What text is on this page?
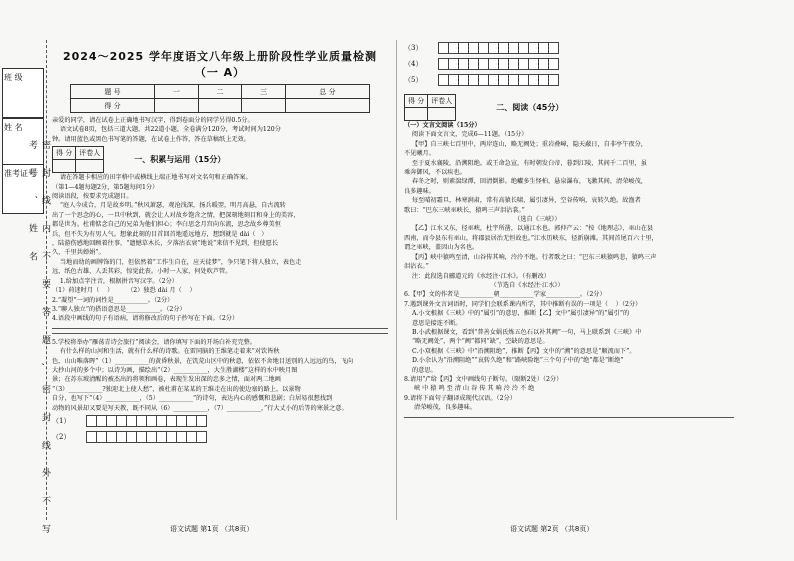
班 级
姓 名
准考证号 密 封 线 内 不 要 答 题 , 密 封 线 外 不 写 考 号 、 姓 名
2024～2025 学年度语文八年级上册阶段性学业质量检测（一 A）
题 号	一	二	三	总 分
得 分				

亲爱的同学，请在试卷上正确地书写汉字，得到卷面分的同学另得0.5分。
语文试卷8页，包括三道大题，共22道小题，全卷满分120分，考试时间为120分
钟。请用蓝色或黑色书写笔的答题，在试卷上作答，答在草稿纸上无效。

得 分	评卷人

一、积累与运用（15分）

请在答题卡相应的田字格中或横线上端正地书写对文名句和正确答案。
（第1—4题每题2分，第5题每问1分）
阅读语段，按要求完成题目。
“庭人今成合，月是故乡明。”秋风萧瑟，观沧浅深，扬兵暖翌，明月高悬，自古流转
出了一个思念的心，一旦中秋到，就会让人对故乡饱含之情，把深刻地刻目和身上的美容，
都是世为。杜甫惦念自己的兄弟为他们担心；李白思念月宫向东流，思念故乡尊美恒
兵，但不失为有男人气。想象此刻的目首回首地遥远地方，想到就是 dài（   ）
，陆游伤感地回顾着往事，“遗憾草木长，夕落沽衣衰”地说“来信不见到，但使愿长
久，千里共婵娟”。
当地而幼的画牌饰的门，但依然着“工作生自在，应天徒梦”，争只笔下将人独立，表色走
远，纸色古雄，人丢其彩，惊觉此丧。小时一人家，何处吹芦管。
1.给加点字注音，根据拼音写汉字。（2分）

（1）荷迷时月（    ）       （2）独恐 dài 月（    ）

2.“凝望”一词的词性是___________。（2分）

3.“聊人独立”的搭语意思是___________。（2分）

4.语段中画线的句子有语病，请将修改后的句子抄写在下面。（2分）

5.学校将举办“雁荡青诗会旅行”阅读会，请你填写下面的开场白补充完整。
有什么样的山河和生活，就有什么样的诗歌。在雷同脑的王维笔走着来“对饮皆秋
色，山山唯落晖”（1）___________的黄昏秋景，在饥荒山区中的秋意，依依不舍地目送别的人远远的鸟，飞向
大抄山河的多个中；以诗为画，描绘出“（2）___________，大生胜湖楼”这样的水中映月图
景；在苏东坡清醒的被杰出的将领和画卷，表现生发出深的忠多之情，面对两二地画
“（3）___________?独迎北上使人愁”，被杜甫在某某的王维走在出的使边塞的路上，以景物
自分，也写下“（4）___________，（5）___________”的诗句，表达内心的感慨和悲剧；白居易很想找到
动物的风景却又要是写天教，既不同从（6）___________，（7）___________，”行大丈小的后等的寒景之意。

（1）
（2）
语文试题 第1页 （共8页）
（3）
（4）
（5）
得 分	评卷人

二、阅读（45分）

（一）文言文阅读（15分）

阅读下面文言文，完成6—11题。（15分）
【甲】自三峡七百里中，两岸连山，略无阙处；重岩叠嶂，隐天蔽日，自非亭午夜分，
不见曦月。
至于夏水襄陵，沿溯阻绝。或王命急宣，有时朝发白帝，暮到江陵，其间千二百里，虽
乘奔御风，不以疾也。
春冬之时，则素湍绿潭，回清倒影。绝巘多生怪柏，悬泉瀑布，飞漱其间，清荣峻茂，
良多趣味。
每至晴初霜旦，林寒涧肃，常有高猿长啸，属引凄异，空谷传响，哀转久绝。故渔者
歌曰：“巴东三峡巫峡长，猿鸣三声泪沾裳。”
（选自《三峡》）
【乙】江水又东，径巫峡，杜宇所凿，以通江水也。郭仲产云：“按《地理志》，巫山在县
西南，而今县东有巫山，将郡县居治无恒故也。”江水历峡东，径新崩滩。其间首尾百六十里，
谓之巫峡，盖因山为名也。
【丙】峡中猿鸣至清，山谷传其响，泠泠不绝。行者歌之曰：“巴东三峡猿鸣悲，猿鸣三声
泪沾衣。”
注：此段选自郦道元的《水经注·江水》。（有删改）
（节选自《水经注·江水》）

6.【甲】文的作者是___________朝___________学家___________。（2分）

7.遇到课外文言词语时，同学们会联系课内所学，其中推断有误的一项是（    ）（2分）

A.小文根据《三峡》中的“属引”的意思，推断【乙】文中“属引凄异”的“属引”的
意思是接连不断。

B.小武根据课文，看到“普善女娲氏炼五色石以补其阙”一句，马上联系到《三峡》中
“略无阙处”，两个“阙”都同“缺”，空缺的意思是。

C.小双根据《三峡》中“沿溯阻绝”，推断【丙】文中的“溯”的意思是“顺流而下”。

D.小余认为“沿溯阻绝”“哀转久绝”和“路峡险绝”三个句子中的“绝”都是“断绝”
的意思。

8.请用“/”给【丙】文中画线句子断句。（限断2处）（2分）

峡 中 猿 鸣 至 清 山 谷 传 其 响 泠 泠 不 绝

9.请将下面句子翻译成现代汉语。（2分）

清荣峻茂，良多趣味。

语文试题 第2页 （共8页）
